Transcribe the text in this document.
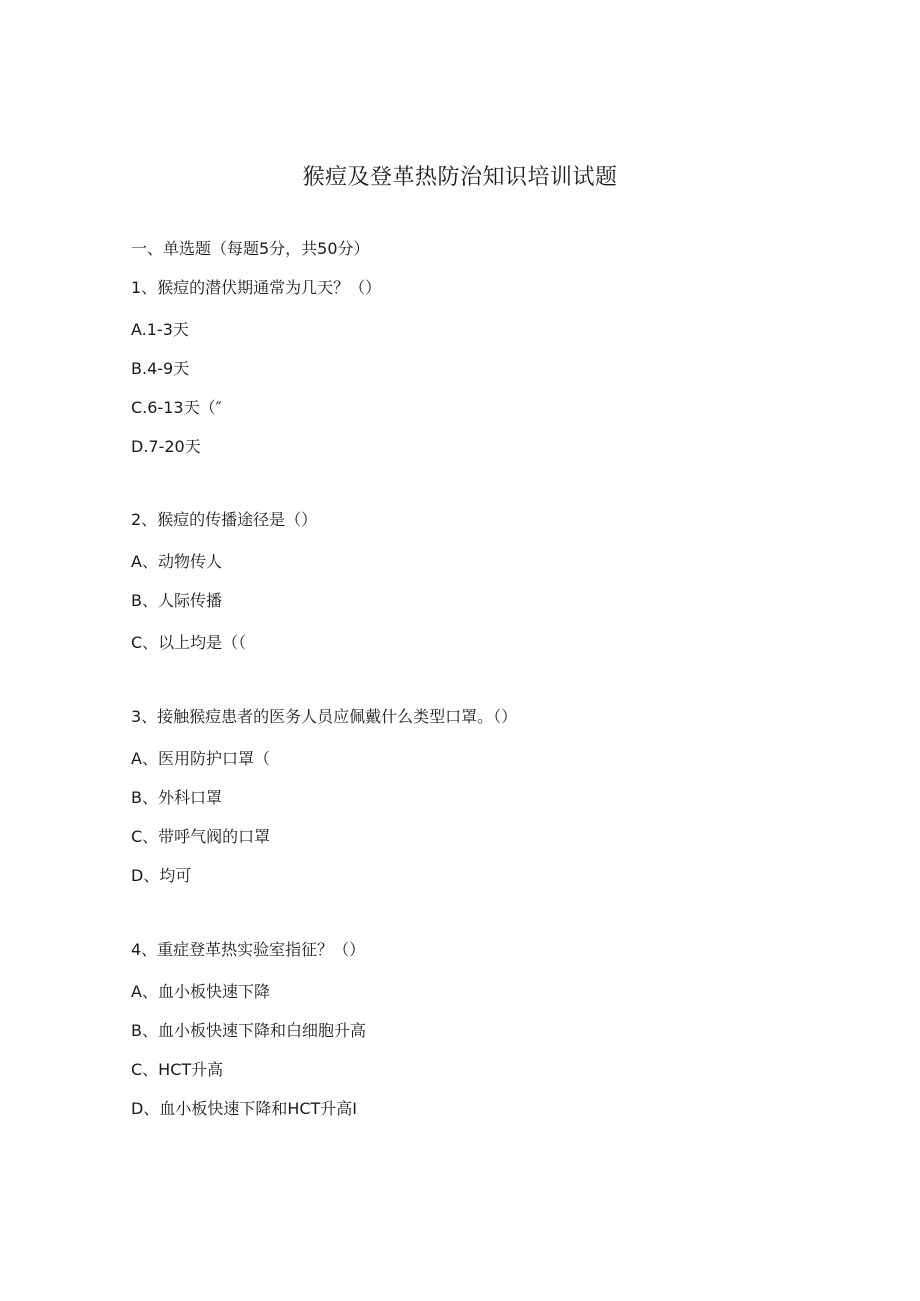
猴痘及登革热防治知识培训试题

一、单选题（每题5分，共50分）

1、猴痘的潜伏期通常为几天？（）

A.1-3天

B.4-9天

C.6-13天（″

D.7-20天

2、猴痘的传播途径是（）

A、动物传人

B、人际传播

C、以上均是（（

3、接触猴痘患者的医务人员应佩戴什么类型口罩。（）

A、医用防护口罩（

B、外科口罩

C、带呼气阀的口罩

D、均可

4、重症登革热实验室指征？（）

A、血小板快速下降

B、血小板快速下降和白细胞升高

C、HCT升高

D、血小板快速下降和HCT升高I
